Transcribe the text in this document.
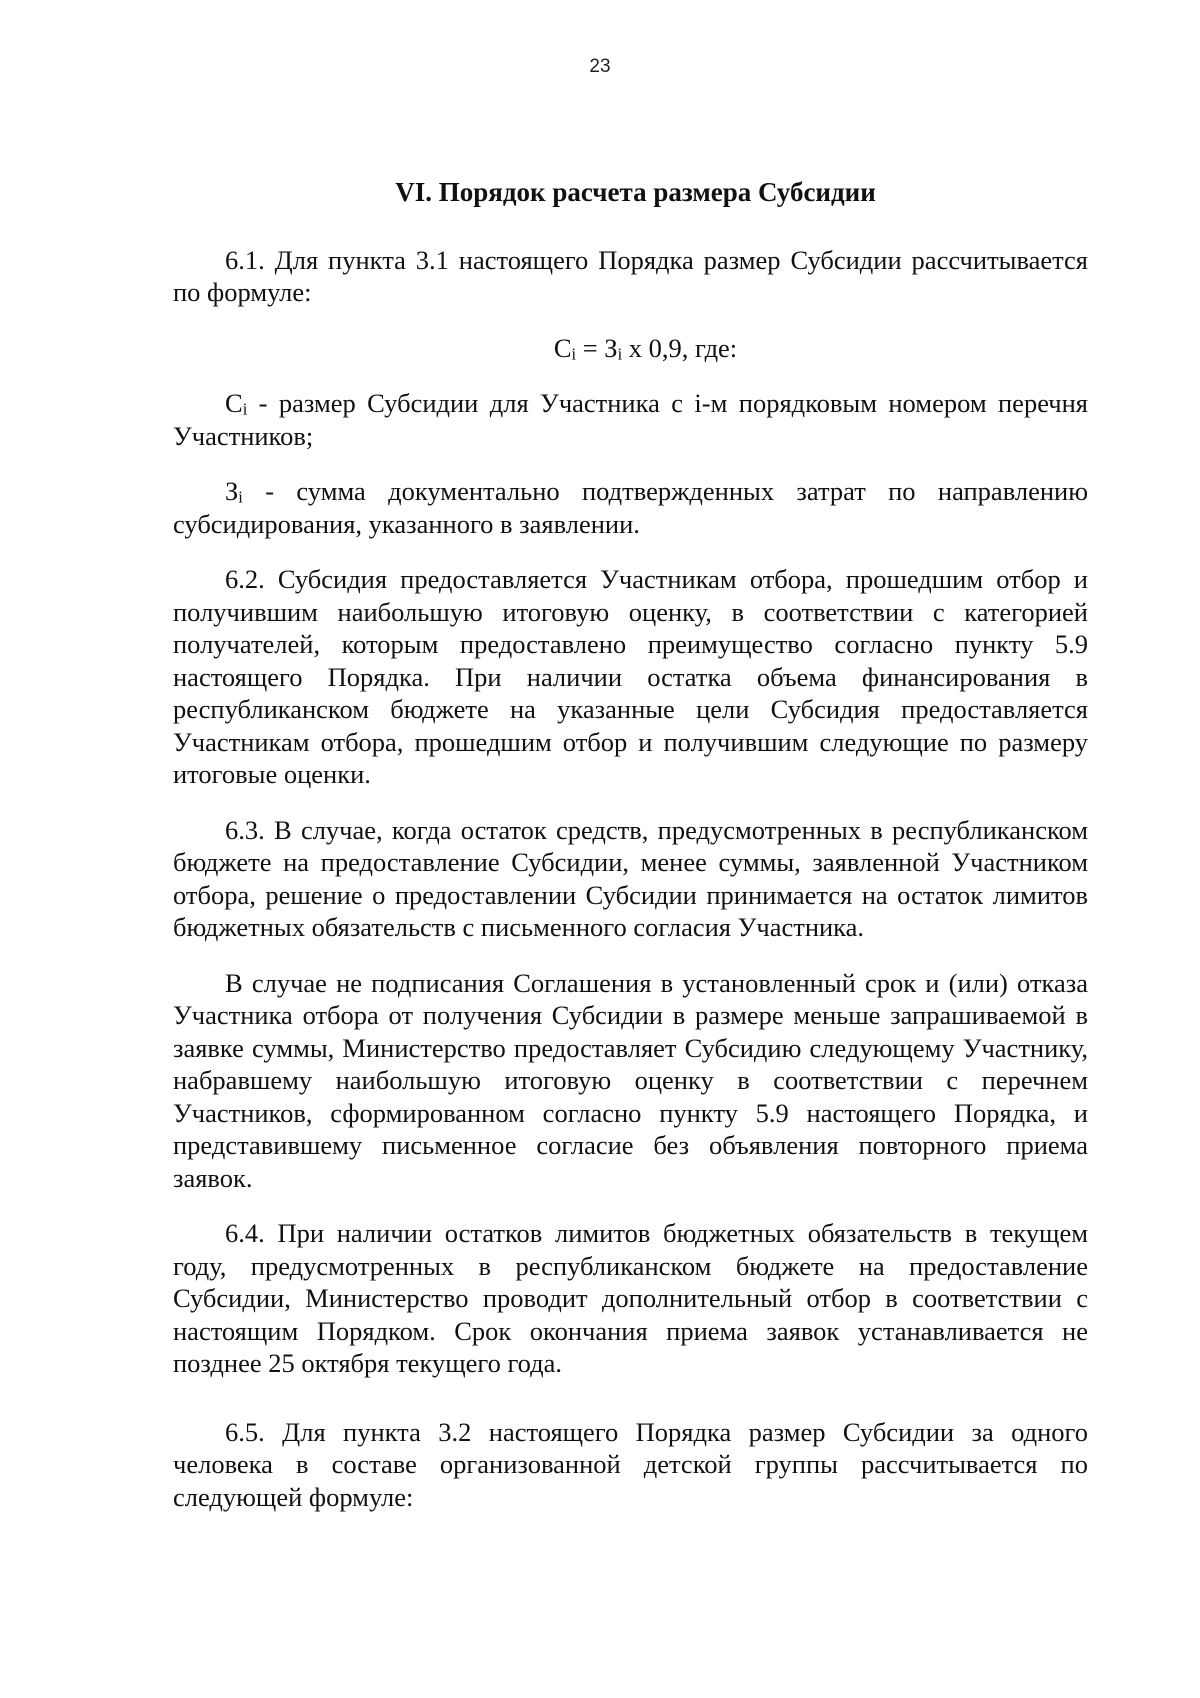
23
VI. Порядок расчета размера Субсидии

6.1. Для пункта 3.1 настоящего Порядка размер Субсидии рассчитывается по формуле:

$C_i = З_i$ x 0,9, где:

$C_i$ - размер Субсидии для Участника с i-м порядковым номером перечня Участников;

$З_i$ - сумма документально подтвержденных затрат по направлению субсидирования, указанного в заявлении.

6.2. Субсидия предоставляется Участникам отбора, прошедшим отбор и получившим наибольшую итоговую оценку, в соответствии с категорией получателей, которым предоставлено преимущество согласно пункту 5.9 настоящего Порядка. При наличии остатка объема финансирования в республиканском бюджете на указанные цели Субсидия предоставляется Участникам отбора, прошедшим отбор и получившим следующие по размеру итоговые оценки.

6.3. В случае, когда остаток средств, предусмотренных в республиканском бюджете на предоставление Субсидии, менее суммы, заявленной Участником отбора, решение о предоставлении Субсидии принимается на остаток лимитов бюджетных обязательств с письменного согласия Участника.

В случае не подписания Соглашения в установленный срок и (или) отказа Участника отбора от получения Субсидии в размере меньше запрашиваемой в заявке суммы, Министерство предоставляет Субсидию следующему Участнику, набравшему наибольшую итоговую оценку в соответствии с перечнем Участников, сформированном согласно пункту 5.9 настоящего Порядка, и представившему письменное согласие без объявления повторного приема заявок.

6.4. При наличии остатков лимитов бюджетных обязательств в текущем году, предусмотренных в республиканском бюджете на предоставление Субсидии, Министерство проводит дополнительный отбор в соответствии с настоящим Порядком. Срок окончания приема заявок устанавливается не позднее 25 октября текущего года.

6.5. Для пункта 3.2 настоящего Порядка размер Субсидии за одного человека в составе организованной детской группы рассчитывается по следующей формуле:
